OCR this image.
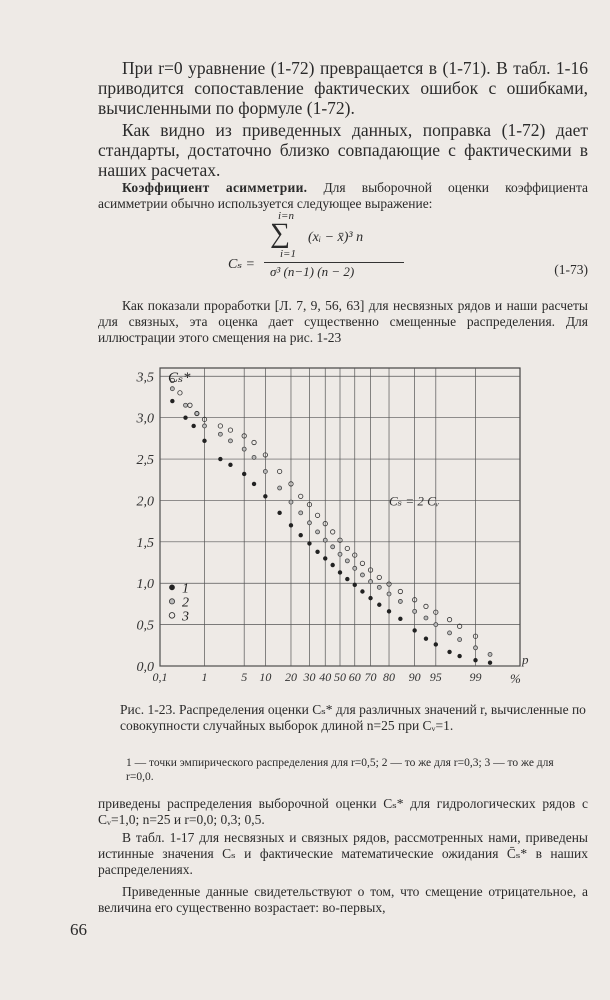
При r=0 уравнение (1-72) превращается в (1-71). В табл. 1-16 приводится сопоставление фактических ошибок с ошибками, вычисленными по формуле (1-72).

Как видно из приведенных данных, поправка (1-72) дает стандарты, достаточно близко совпадающие с фактическими в наших расчетах.

Коэффициент асимметрии. Для выборочной оценки коэффициента асимметрии обычно используется следующее выражение:

i=n
∑ (xᵢ − x̄)³ n
i=1
Cₛ = σ³ (n−1) (n − 2)	(1-73)

Как показали проработки [Л. 7, 9, 56, 63] для несвязных рядов и наши расчеты для связных, эта оценка дает существенно смещенные распределения. Для иллюстрации этого смещения на рис. 1-23

0,0
0,5
1,0
1,5
2,0
2,5
3,0
3,5
0,1	1	5 10 20 30 40 50 60 70 80 90 95 99 %
p
Cₛ*
Cₛ = 2 Cᵥ
1
2
3

Рис. 1-23. Распределения оценки Cₛ* для различных значений r, вычисленные по совокупности случайных выборок длиной n=25 при Cᵥ=1.

1 — точки эмпирического распределения для r=0,5; 2 — то же для r=0,3; 3 — то же для r=0,0.

приведены распределения выборочной оценки Cₛ* для гидрологических рядов с Cᵥ=1,0; n=25 и r=0,0; 0,3; 0,5.

В табл. 1-17 для несвязных и связных рядов, рассмотренных нами, приведены истинные значения Cₛ и фактические математические ожидания C̄ₛ* в наших распределениях.

Приведенные данные свидетельствуют о том, что смещение отрицательное, а величина его существенно возрастает: во-первых,

66
